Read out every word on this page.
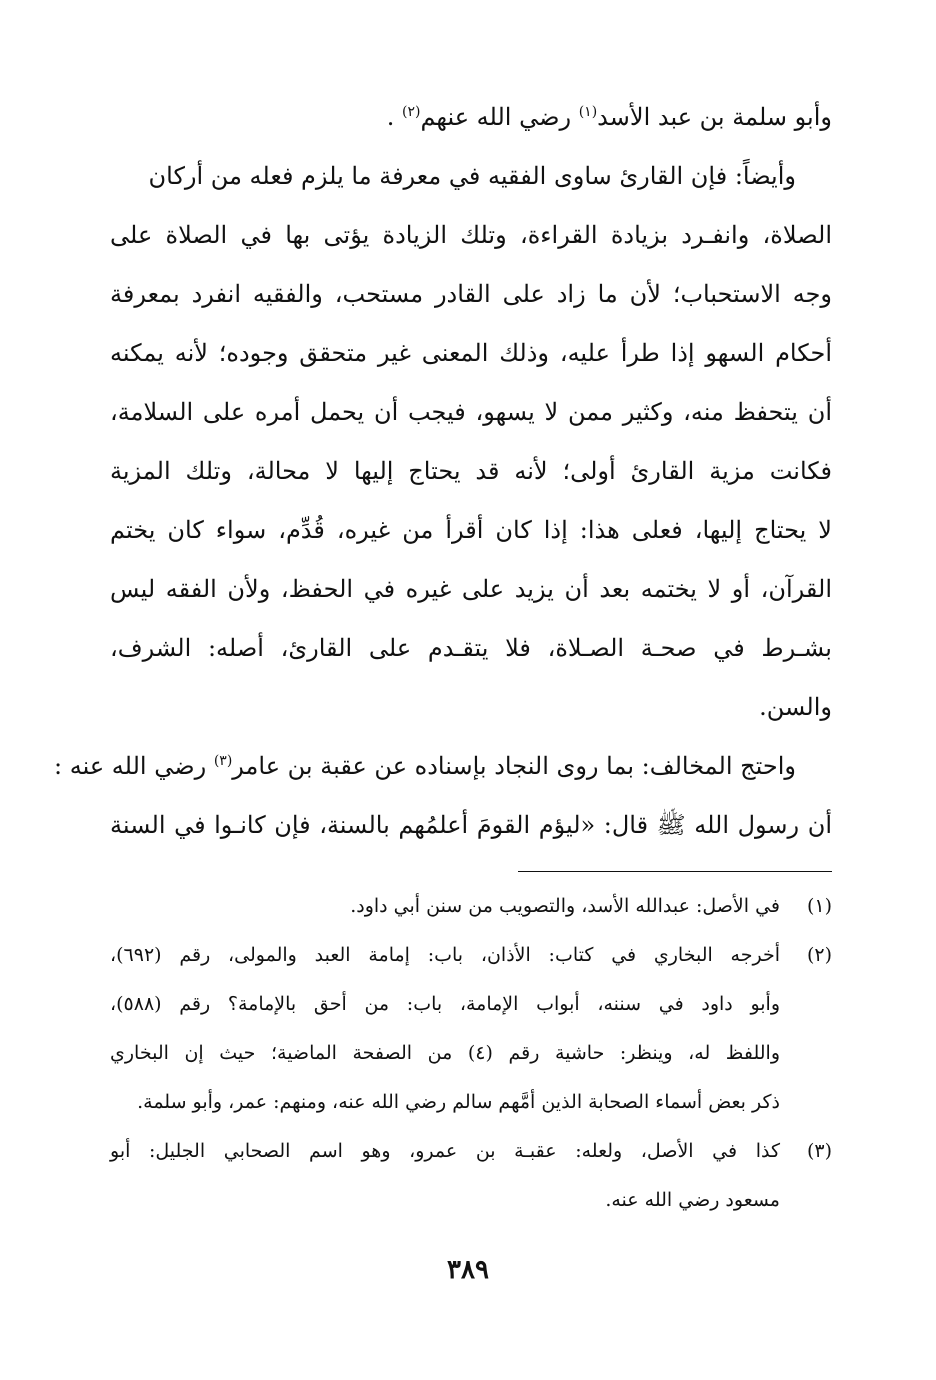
وأبو سلمة بن عبد الأسد$^{(١)}$ رضي الله عنهم$^{(٢)}$ .
وأيضاً: فإن القارئ ساوى الفقيه في معرفة ما يلزم فعله من أركان
الصلاة، وانفـرد بزيادة القراءة، وتلك الزيادة يؤتى بها في الصلاة على
وجه الاستحباب؛ لأن ما زاد على القادر مستحب، والفقيه انفرد بمعرفة
أحكام السهو إذا طرأ عليه، وذلك المعنى غير متحقق وجوده؛ لأنه يمكنه
أن يتحفظ منه، وكثير ممن لا يسهو، فيجب أن يحمل أمره على السلامة،
فكانت مزية القارئ أولى؛ لأنه قد يحتاج إليها لا محالة، وتلك المزية
لا يحتاج إليها، فعلى هذا: إذا كان أقرأ من غيره، قُدِّم، سواء كان يختم
القرآن، أو لا يختمه بعد أن يزيد على غيره في الحفظ، ولأن الفقه ليس
بشـرط في صحـة الصـلاة، فلا يتقـدم على القارئ، أصله: الشرف،
والسن.
واحتج المخالف: بما روى النجاد بإسناده عن عقبة بن عامر$^{(٣)}$ رضي الله عنه :
أن رسول الله ﷺ قال: «ليؤم القومَ أعلمُهم بالسنة، فإن كانـوا في السنة
(١)
في الأصل: عبدالله الأسد، والتصويب من سنن أبي داود.
(٢)
أخرجه البخاري في كتاب: الأذان، باب: إمامة العبد والمولى، رقم (٦٩٢)،
وأبو داود في سننه، أبواب الإمامة، باب: من أحق بالإمامة؟ رقم (٥٨٨)،
واللفظ له، وينظر: حاشية رقم (٤) من الصفحة الماضية؛ حيث إن البخاري
ذكر بعض أسماء الصحابة الذين أمَّهم سالم رضي الله عنه، ومنهم: عمر، وأبو سلمة.
(٣)
كذا في الأصل، ولعله: عقبـة بن عمرو، وهو اسم الصحابي الجليل: أبو
مسعود رضي الله عنه.
٣٨٩
